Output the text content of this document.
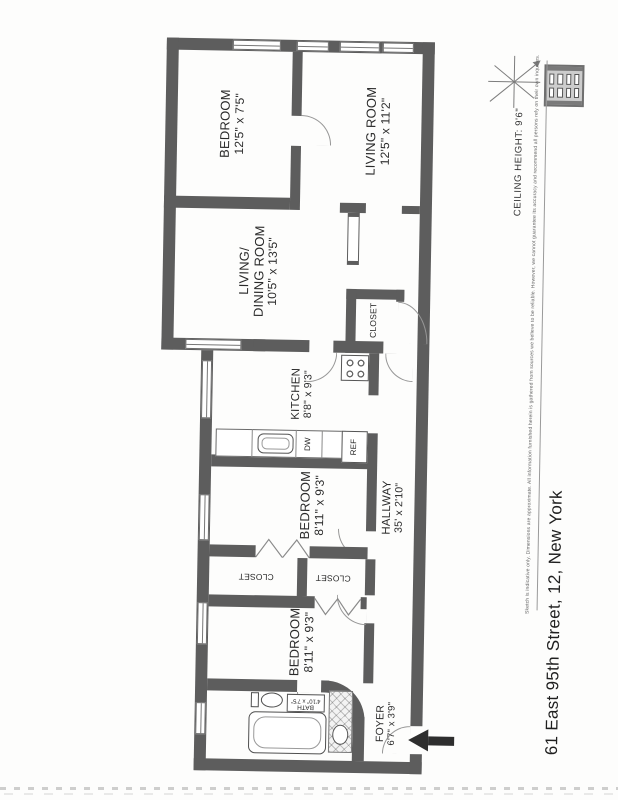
DW	REF
BATH
4'10" x 7'5"
BEDROOM
12'5" x 7'5"	LIVING ROOM
12'5" x 11'2"
LIVING/
DINING ROOM
10'5" x 13'5"
KITCHEN
8'8" x 9'3"
CLOSET
BEDROOM
8'11" x 9'3"	HALLWAY
35' x 2'10"
CLOSET	CLOSET
BEDROOM
8'11" x 9'3"
FOYER 6'7" x 3'9"
CEILING HEIGHT: 9'6" Sketch is indicative only. Dimensions are approximate. All information furnished herein is gathered from sources we believe to be reliable. However, we cannot guarantee its accuracy and recommend all persons rely on their own inquiries.
61 East 95th Street, 12, New York
